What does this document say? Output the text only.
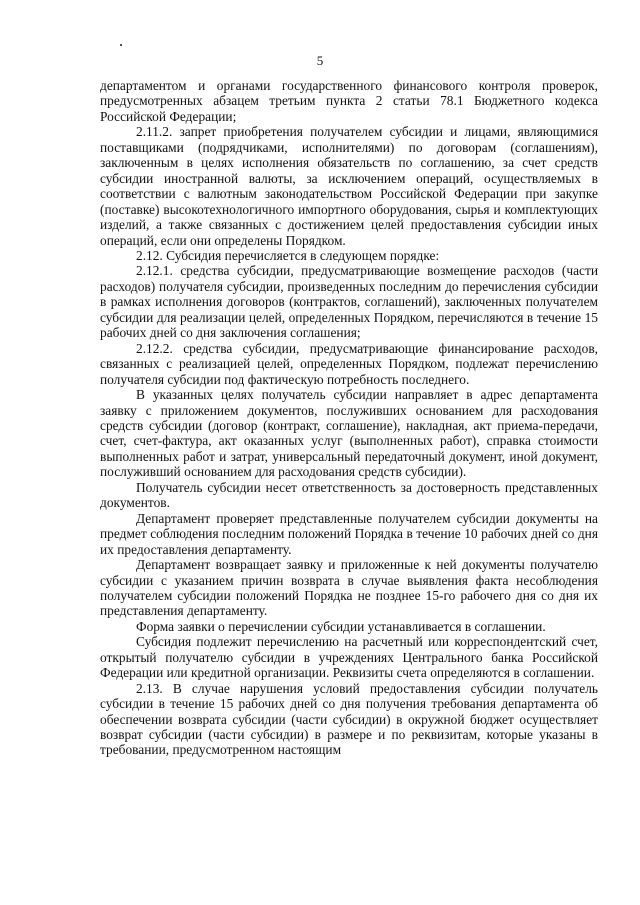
5

департаментом и органами государственного финансового контроля проверок, предусмотренных абзацем третьим пункта 2 статьи 78.1 Бюджетного кодекса Российской Федерации;

2.11.2. запрет приобретения получателем субсидии и лицами, являющимися поставщиками (подрядчиками, исполнителями) по договорам (соглашениям), заключенным в целях исполнения обязательств по соглашению, за счет средств субсидии иностранной валюты, за исключением операций, осуществляемых в соответствии с валютным законодательством Российской Федерации при закупке (поставке) высокотехнологичного импортного оборудования, сырья и комплектующих изделий, а также связанных с достижением целей предоставления субсидии иных операций, если они определены Порядком.

2.12. Субсидия перечисляется в следующем порядке:

2.12.1. средства субсидии, предусматривающие возмещение расходов (части расходов) получателя субсидии, произведенных последним до перечисления субсидии в рамках исполнения договоров (контрактов, соглашений), заключенных получателем субсидии для реализации целей, определенных Порядком, перечисляются в течение 15 рабочих дней со дня заключения соглашения;

2.12.2. средства субсидии, предусматривающие финансирование расходов, связанных с реализацией целей, определенных Порядком, подлежат перечислению получателя субсидии под фактическую потребность последнего.

В указанных целях получатель субсидии направляет в адрес департамента заявку с приложением документов, послуживших основанием для расходования средств субсидии (договор (контракт, соглашение), накладная, акт приема-передачи, счет, счет-фактура, акт оказанных услуг (выполненных работ), справка стоимости выполненных работ и затрат, универсальный передаточный документ, иной документ, послуживший основанием для расходования средств субсидии).

Получатель субсидии несет ответственность за достоверность представленных документов.

Департамент проверяет представленные получателем субсидии документы на предмет соблюдения последним положений Порядка в течение 10 рабочих дней со дня их предоставления департаменту.

Департамент возвращает заявку и приложенные к ней документы получателю субсидии с указанием причин возврата в случае выявления факта несоблюдения получателем субсидии положений Порядка не позднее 15-го рабочего дня со дня их представления департаменту.

Форма заявки о перечислении субсидии устанавливается в соглашении.

Субсидия подлежит перечислению на расчетный или корреспондентский счет, открытый получателю субсидии в учреждениях Центрального банка Российской Федерации или кредитной организации. Реквизиты счета определяются в соглашении.

2.13. В случае нарушения условий предоставления субсидии получатель субсидии в течение 15 рабочих дней со дня получения требования департамента об обеспечении возврата субсидии (части субсидии) в окружной бюджет осуществляет возврат субсидии (части субсидии) в размере и по реквизитам, которые указаны в требовании, предусмотренном настоящим
